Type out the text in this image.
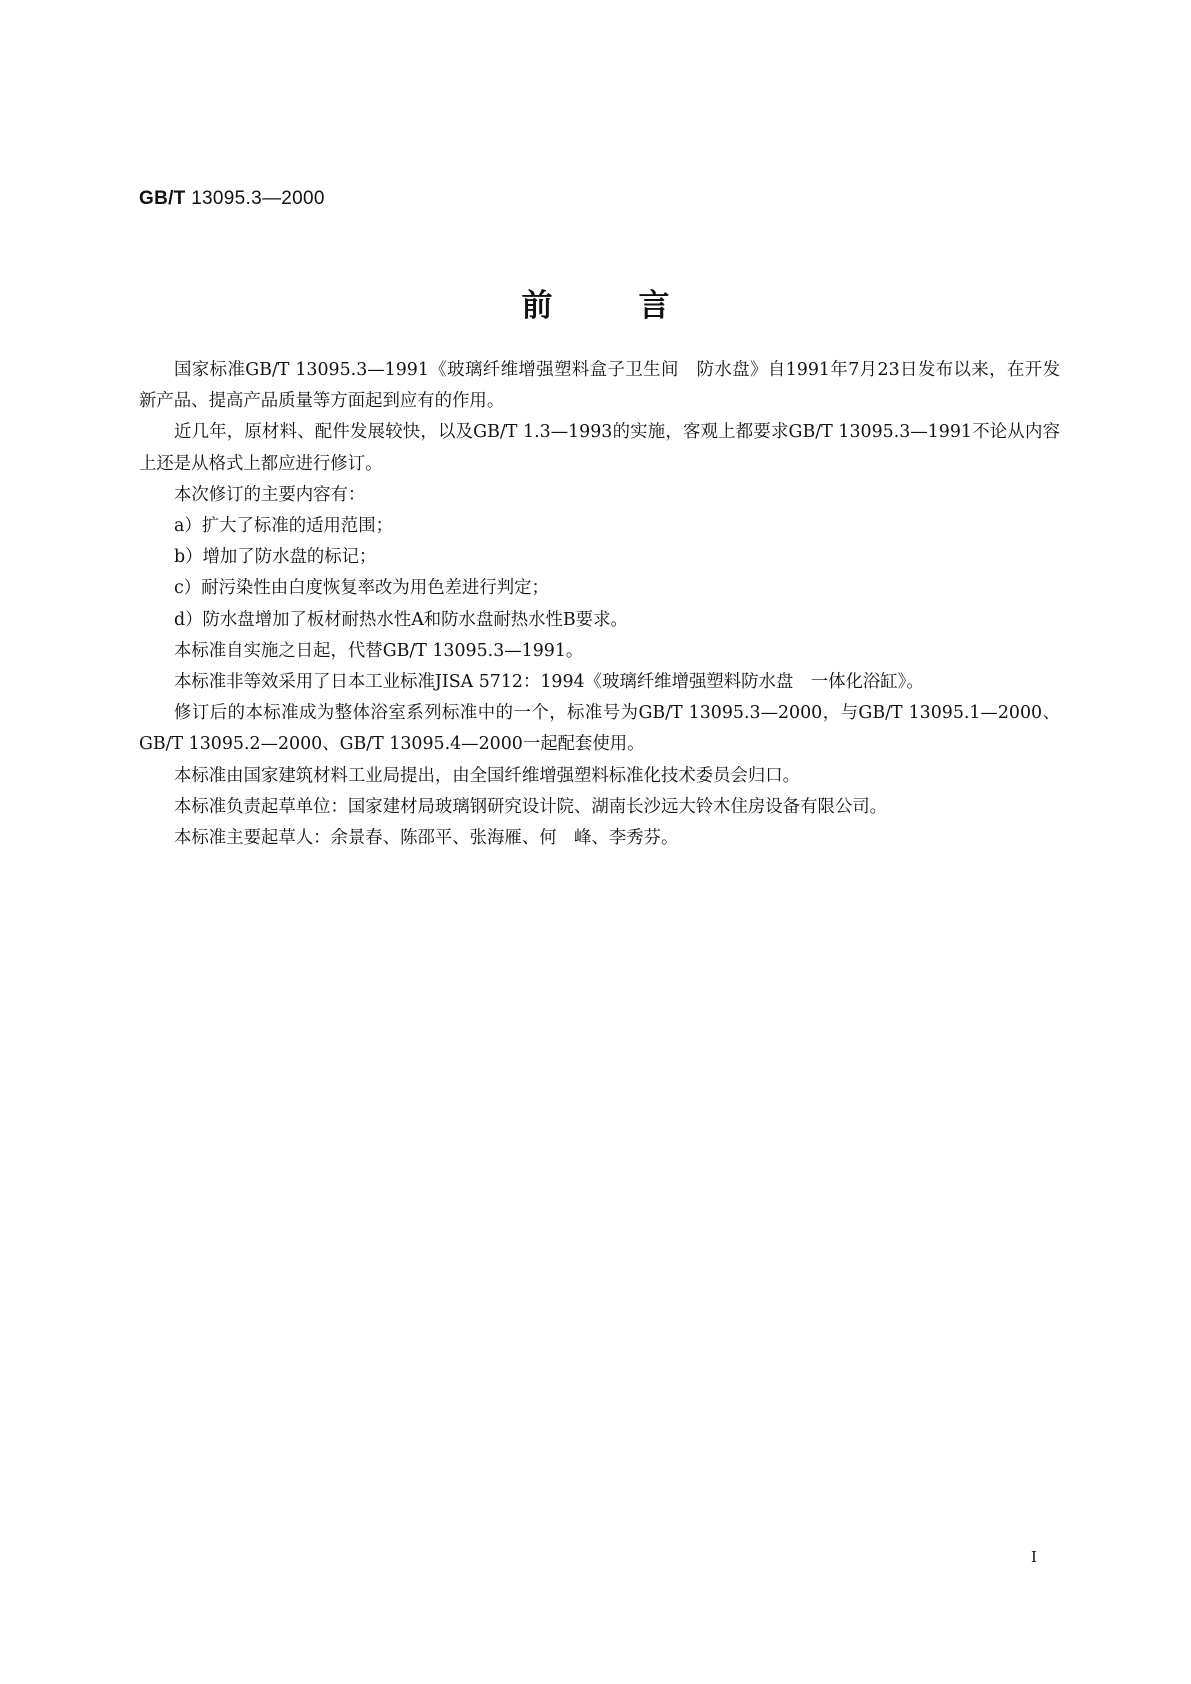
GB/T 13095.3—2000
前言

国家标准GB/T 13095.3—1991《玻璃纤维增强塑料盒子卫生间　防水盘》自1991年7月23日发布以来，在开发新产品、提高产品质量等方面起到应有的作用。

近几年，原材料、配件发展较快，以及GB/T 1.3—1993的实施，客观上都要求GB/T 13095.3—1991不论从内容上还是从格式上都应进行修订。

本次修订的主要内容有：

a）扩大了标准的适用范围；

b）增加了防水盘的标记；

c）耐污染性由白度恢复率改为用色差进行判定；

d）防水盘增加了板材耐热水性A和防水盘耐热水性B要求。

本标准自实施之日起，代替GB/T 13095.3—1991。

本标准非等效采用了日本工业标准JISA 5712：1994《玻璃纤维增强塑料防水盘　一体化浴缸》。

修订后的本标准成为整体浴室系列标准中的一个，标准号为GB/T 13095.3—2000，与GB/T 13095.1—2000、GB/T 13095.2—2000、GB/T 13095.4—2000一起配套使用。

本标准由国家建筑材料工业局提出，由全国纤维增强塑料标准化技术委员会归口。

本标准负责起草单位：国家建材局玻璃钢研究设计院、湖南长沙远大铃木住房设备有限公司。

本标准主要起草人：余景春、陈邵平、张海雁、何　峰、李秀芬。

I
